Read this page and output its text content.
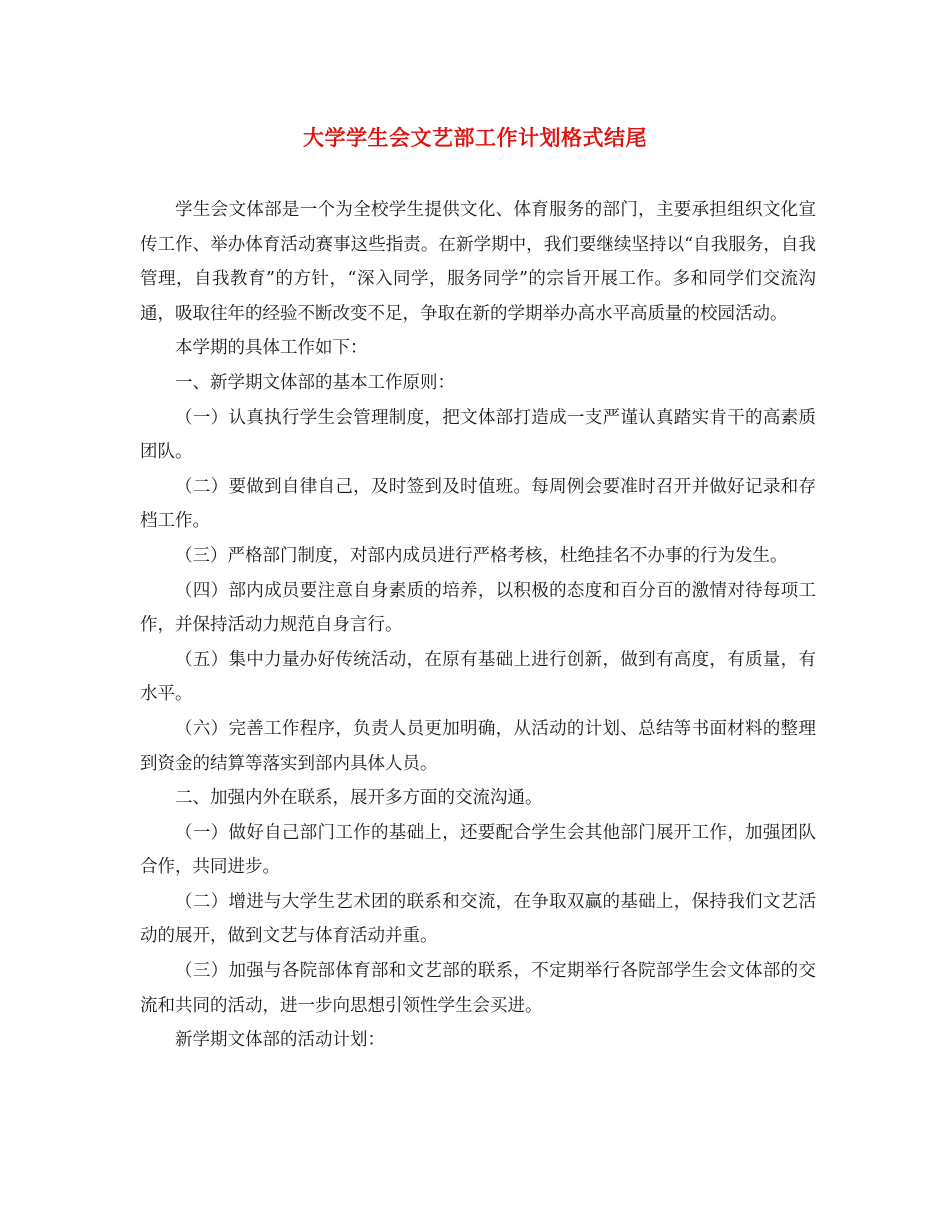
大学学生会文艺部工作计划格式结尾

学生会文体部是一个为全校学生提供文化、体育服务的部门，主要承担组织文化宣传工作、举办体育活动赛事这些指责。在新学期中，我们要继续坚持以“自我服务，自我管理，自我教育”的方针，“深入同学，服务同学”的宗旨开展工作。多和同学们交流沟通，吸取往年的经验不断改变不足，争取在新的学期举办高水平高质量的校园活动。

本学期的具体工作如下：

一、新学期文体部的基本工作原则：

（一）认真执行学生会管理制度，把文体部打造成一支严谨认真踏实肯干的高素质团队。

（二）要做到自律自己，及时签到及时值班。每周例会要准时召开并做好记录和存档工作。

（三）严格部门制度，对部内成员进行严格考核，杜绝挂名不办事的行为发生。

（四）部内成员要注意自身素质的培养，以积极的态度和百分百的激情对待每项工作，并保持活动力规范自身言行。

（五）集中力量办好传统活动，在原有基础上进行创新，做到有高度，有质量，有水平。

（六）完善工作程序，负责人员更加明确，从活动的计划、总结等书面材料的整理到资金的结算等落实到部内具体人员。

二、加强内外在联系，展开多方面的交流沟通。

（一）做好自己部门工作的基础上，还要配合学生会其他部门展开工作，加强团队合作，共同进步。

（二）增进与大学生艺术团的联系和交流，在争取双赢的基础上，保持我们文艺活动的展开，做到文艺与体育活动并重。

（三）加强与各院部体育部和文艺部的联系，不定期举行各院部学生会文体部的交流和共同的活动，进一步向思想引领性学生会买进。

新学期文体部的活动计划：
